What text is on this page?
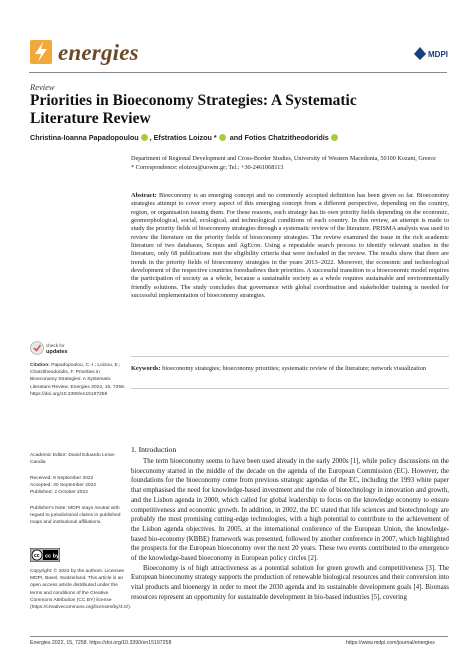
energies	MDPI
Review
Priorities in Bioeconomy Strategies: A Systematic Literature Review
Christina-Ioanna Papadopoulou , Efstratios Loizou * and Fotios Chatzitheodoridis
Department of Regional Development and Cross-Border Studies, University of Western Macedonia, 50100 Kozani, Greece
* Correspondence: eloizou@uowm.gr; Tel.: +30-2461068113
Abstract: Bioeconomy is an emerging concept and no commonly accepted definition has been given so far. Bioeconomy strategies attempt to cover every aspect of this emerging concept from a different perspective, depending on the country, region, or organisation issuing them. For these reasons, each strategy has its own priority fields depending on the economic, geomorphological, social, ecological, and technological conditions of each country. In this review, an attempt is made to study the priority fields of bioeconomy strategies through a systematic review of the literature. PRISMA analysis was used to review the literature on the priority fields of bioeconomy strategies. The review examined the issue in the rich academic literature of two databases, Scopus and AgEcon. Using a repeatable search process to identify relevant studies in the literature, only 68 publications met the eligibility criteria that were included in the review. The results show that there are trends in the priority fields of bioeconomy strategies in the years 2013–2022. Moreover, the economic and technological development of the respective countries foreshadows their priorities. A successful transition to a bioeconomic model requires the participation of society as a whole, because a sustainable society as a whole requires sustainable and environmentally friendly solutions. The study concludes that governance with global coordination and stakeholder training is needed for successful implementation of bioeconomy strategies.
Keywords: bioeconomy strategies; bioeconomy priorities; systematic review of the literature; network visualization
check for
updates
Citation: Papadopoulou, C.-I.; Loizou, E.; Chatzitheodoridis, F. Priorities in Bioeconomy Strategies: A Systematic Literature Review. Energies 2022, 15, 7258. https://doi.org/10.3390/en15197258
Academic Editor: David Eduardo Leiva-Candia
Received: 9 September 2022
Accepted: 30 September 2022
Published: 2 October 2022
Publisher's Note: MDPI stays neutral with regard to jurisdictional claims in published maps and institutional affiliations.
cc cc by
Copyright: © 2022 by the authors. Licensee MDPI, Basel, Switzerland. This article is an open access article distributed under the terms and conditions of the Creative Commons Attribution (CC BY) license (https://creativecommons.org/licenses/by/4.0/).
1. Introduction

The term bioeconomy seems to have been used already in the early 2000s [1], while policy discussions on the bioeconomy started in the middle of the decade on the agenda of the European Commission (EC). However, the foundations for the bioeconomy come from previous strategic agendas of the EC, including the 1993 white paper that emphasised the need for knowledge-based investment and the role of biotechnology in innovation and growth, and the Lisbon agenda in 2000, which called for global leadership to focus on the knowledge economy to ensure competitiveness and economic growth. In addition, in 2002, the EC stated that life sciences and biotechnology are probably the most promising cutting-edge technologies, with a high potential to contribute to the achievement of the Lisbon agenda objectives. In 2005, at the international conference of the European Union, the knowledge-based bio-economy (KBBE) framework was presented, followed by another conference in 2007, which highlighted the prospects for the European bioeconomy over the next 20 years. These two events contributed to the emergence of the knowledge-based bioeconomy in European policy circles [2].

Bioeconomy is of high attractiveness as a potential solution for green growth and competitiveness [3]. The European bioeconomy strategy supports the production of renewable biological resources and their conversion into vital products and bioenergy in order to meet the 2030 agenda and its sustainable development goals [4]. Biomass resources represent an opportunity for sustainable development in bio-based industries [5], covering

Energies 2022, 15, 7258. https://doi.org/10.3390/en15197258	https://www.mdpi.com/journal/energies
